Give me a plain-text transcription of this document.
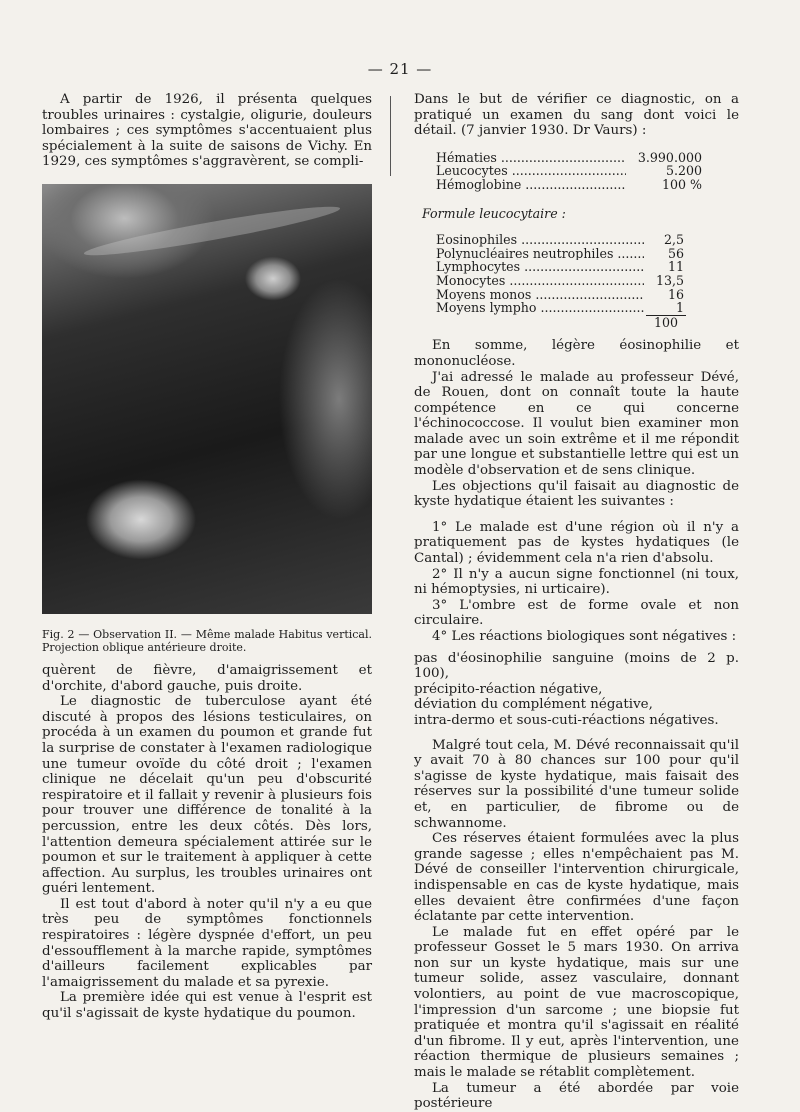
— 21 —

A partir de 1926, il présenta quelques troubles urinaires : cystalgie, oligurie, douleurs lombaires ; ces symptômes s'accentuaient plus spécialement à la suite de saisons de Vichy. En 1929, ces symptômes s'aggravèrent, se compli-

Fig. 2 — Observation II. — Même malade Habitus vertical. Projection oblique antérieure droite.

quèrent de fièvre, d'amaigrissement et d'orchite, d'abord gauche, puis droite.

Le diagnostic de tuberculose ayant été discuté à propos des lésions testiculaires, on procéda à un examen du poumon et grande fut la surprise de constater à l'examen radiologique une tumeur ovoïde du côté droit ; l'examen clinique ne décelait qu'un peu d'obscurité respiratoire et il fallait y revenir à plusieurs fois pour trouver une différence de tonalité à la percussion, entre les deux côtés. Dès lors, l'attention demeura spécialement attirée sur le poumon et sur le traitement à appliquer à cette affection. Au surplus, les troubles urinaires ont guéri lentement.

Il est tout d'abord à noter qu'il n'y a eu que très peu de symptômes fonctionnels respiratoires : légère dyspnée d'effort, un peu d'essoufflement à la marche rapide, symptômes d'ailleurs facilement explicables par l'amaigrissement du malade et sa pyrexie.

La première idée qui est venue à l'esprit est qu'il s'agissait de kyste hydatique du poumon.

Dans le but de vérifier ce diagnostic, on a pratiqué un examen du sang dont voici le détail. (7 janvier 1930. Dr Vaurs) :

Hématies .....	3.990.000
Leucocytes .....	5.200
Hémoglobine .....	100 %
Formule leucocytaire :
Eosinophiles .....	2,5
Polynucléaires neutrophiles .....	56
Lymphocytes .....	11
Monocytes .....	13,5
Moyens monos .....	16
Moyens lympho .....	1
100

En somme, légère éosinophilie et mononucléose.

J'ai adressé le malade au professeur Dévé, de Rouen, dont on connaît toute la haute compétence en ce qui concerne l'échinococcose. Il voulut bien examiner mon malade avec un soin extrême et il me répondit par une longue et substantielle lettre qui est un modèle d'observation et de sens clinique.

Les objections qu'il faisait au diagnostic de kyste hydatique étaient les suivantes :

1° Le malade est d'une région où il n'y a pratiquement pas de kystes hydatiques (le Cantal) ; évidemment cela n'a rien d'absolu.

2° Il n'y a aucun signe fonctionnel (ni toux, ni hémoptysies, ni urticaire).

3° L'ombre est de forme ovale et non circulaire.

4° Les réactions biologiques sont négatives :

pas d'éosinophilie sanguine (moins de 2 p. 100),
précipito-réaction négative,
déviation du complément négative,
intra-dermo et sous-cuti-réactions négatives.

Malgré tout cela, M. Dévé reconnaissait qu'il y avait 70 à 80 chances sur 100 pour qu'il s'agisse de kyste hydatique, mais faisait des réserves sur la possibilité d'une tumeur solide et, en particulier, de fibrome ou de schwannome.

Ces réserves étaient formulées avec la plus grande sagesse ; elles n'empêchaient pas M. Dévé de conseiller l'intervention chirurgicale, indispensable en cas de kyste hydatique, mais elles devaient être confirmées d'une façon éclatante par cette intervention.

Le malade fut en effet opéré par le professeur Gosset le 5 mars 1930. On arriva non sur un kyste hydatique, mais sur une tumeur solide, assez vasculaire, donnant volontiers, au point de vue macroscopique, l'impression d'un sarcome ; une biopsie fut pratiquée et montra qu'il s'agissait en réalité d'un fibrome. Il y eut, après l'intervention, une réaction thermique de plusieurs semaines ; mais le malade se rétablit complètement.

La tumeur a été abordée par voie postérieure
